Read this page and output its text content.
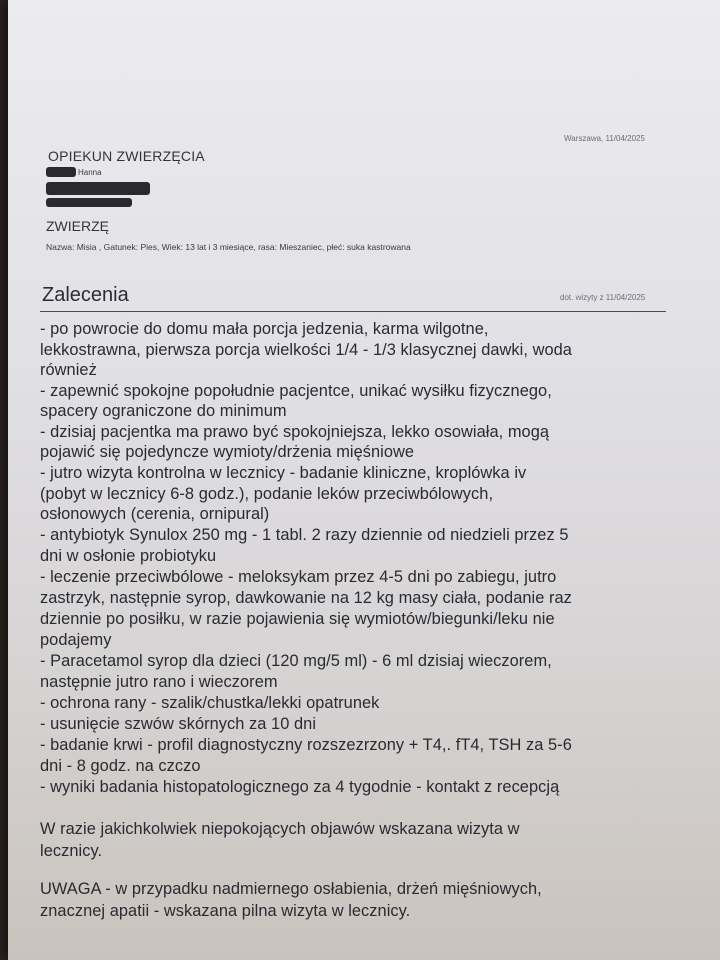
Warszawa, 11/04/2025
OPIEKUN ZWIERZĘCIA
Hanna
ZWIERZĘ
Nazwa: Misia , Gatunek: Pies, Wiek: 13 lat i 3 miesiące, rasa: Mieszaniec, płeć: suka kastrowana
Zalecenia	dot. wizyty z 11/04/2025
- po powrocie do domu mała porcja jedzenia, karma wilgotne,
lekkostrawna, pierwsza porcja wielkości 1/4 - 1/3 klasycznej dawki, woda
również
- zapewnić spokojne popołudnie pacjentce, unikać wysiłku fizycznego,
spacery ograniczone do minimum
- dzisiaj pacjentka ma prawo być spokojniejsza, lekko osowiała, mogą
pojawić się pojedyncze wymioty/drżenia mięśniowe
- jutro wizyta kontrolna w lecznicy - badanie kliniczne, kroplówka iv
(pobyt w lecznicy 6-8 godz.), podanie leków przeciwbólowych,
osłonowych (cerenia, ornipural)
- antybiotyk Synulox 250 mg - 1 tabl. 2 razy dziennie od niedzieli przez 5
dni w osłonie probiotyku
- leczenie przeciwbólowe - meloksykam przez 4-5 dni po zabiegu, jutro
zastrzyk, następnie syrop, dawkowanie na 12 kg masy ciała, podanie raz
dziennie po posiłku, w razie pojawienia się wymiotów/biegunki/leku nie
podajemy
- Paracetamol syrop dla dzieci (120 mg/5 ml) - 6 ml dzisiaj wieczorem,
następnie jutro rano i wieczorem
- ochrona rany - szalik/chustka/lekki opatrunek
- usunięcie szwów skórnych za 10 dni
- badanie krwi - profil diagnostyczny rozszezrzony + T4,. fT4, TSH za 5-6
dni - 8 godz. na czczo
- wyniki badania histopatologicznego za 4 tygodnie - kontakt z recepcją
W razie jakichkolwiek niepokojących objawów wskazana wizyta w
lecznicy.
UWAGA - w przypadku nadmiernego osłabienia, drżeń mięśniowych,
znacznej apatii - wskazana pilna wizyta w lecznicy.
